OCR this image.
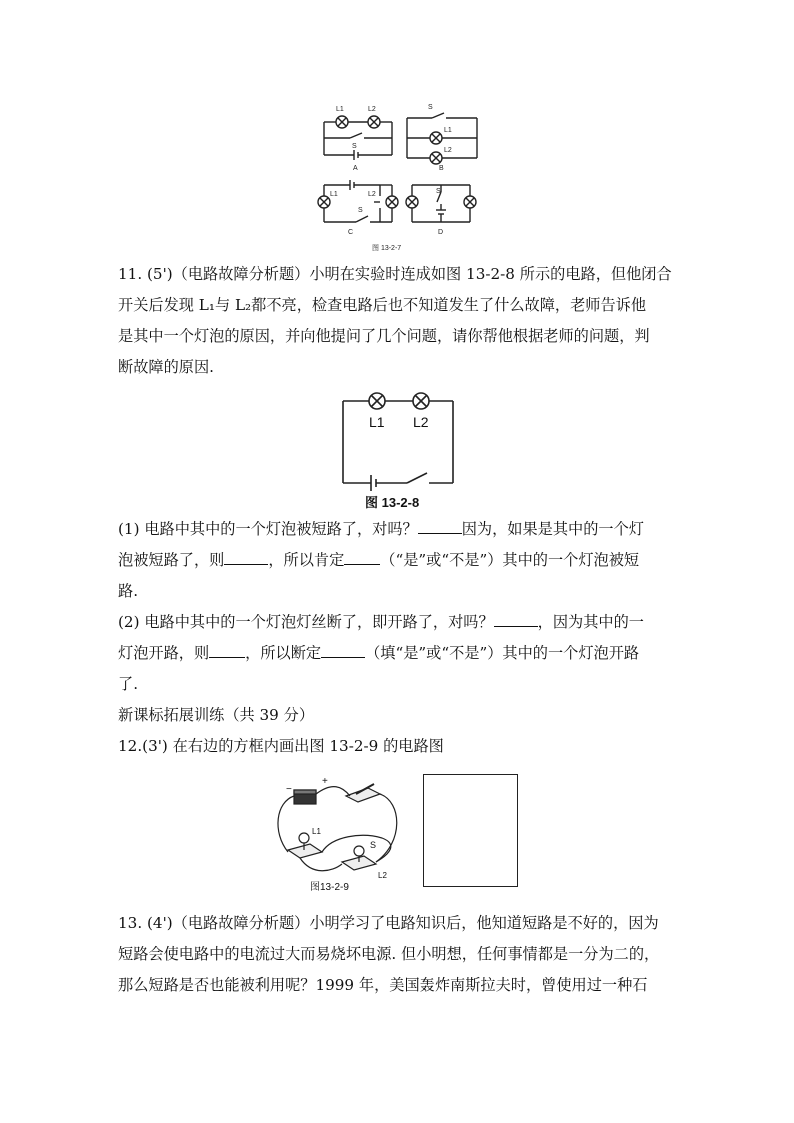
L1	L2
S
S
L1
L2
L1	L2
S
S
A	B
C	D
图 13-2-7
11. (5')（电路故障分析题）小明在实验时连成如图 13-2-8 所示的电路，但他闭合
开关后发现 L₁与 L₂都不亮，检查电路后也不知道发生了什么故障，老师告诉他
是其中一个灯泡的原因，并向他提问了几个问题，请你帮他根据老师的问题，判
断故障的原因.
L1 L2
图 13-2-8
(1) 电路中其中的一个灯泡被短路了，对吗？	因为，如果是其中的一个灯
泡被短路了，则	，所以肯定 （“是”或“不是”）其中的一个灯泡被短
路.
(2) 电路中其中的一个灯泡灯丝断了，即开路了，对吗？	，因为其中的一
灯泡开路，则 ，所以断定	（填“是”或“不是”）其中的一个灯泡开路
了.
新课标拓展训练（共 39 分）
12.(3') 在右边的方框内画出图 13-2-9 的电路图
−
+
L1
S
L2
图13-2-9
13. (4')（电路故障分析题）小明学习了电路知识后，他知道短路是不好的，因为
短路会使电路中的电流过大而易烧坏电源. 但小明想，任何事情都是一分为二的，
那么短路是否也能被利用呢？1999 年，美国轰炸南斯拉夫时，曾使用过一种石
